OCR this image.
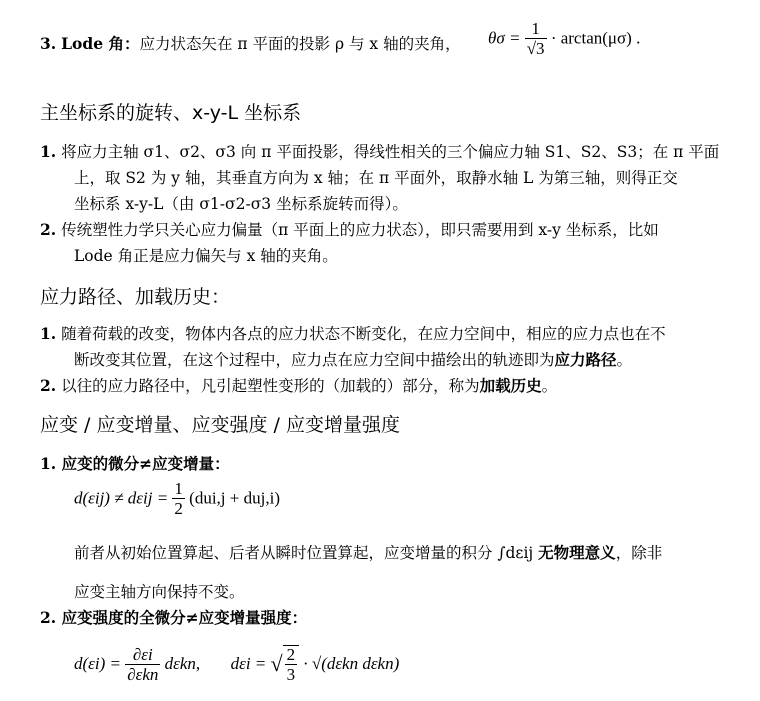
3. Lode 角：应力状态矢在 π 平面的投影 ρ 与 x 轴的夹角， $\theta\sigma = \frac{1}{√3} \cdot \arctan(\mu\sigma)$ .
主坐标系的旋转、x-y-L 坐标系
1. 将应力主轴 σ1、σ2、σ3 向 π 平面投影，得线性相关的三个偏应力轴 S1、S2、S3；在 π 平面
上，取 S2 为 y 轴，其垂直方向为 x 轴；在 π 平面外，取静水轴 L 为第三轴，则得正交
坐标系 x-y-L（由 σ1-σ2-σ3 坐标系旋转而得）。
2. 传统塑性力学只关心应力偏量（π 平面上的应力状态），即只需要用到 x-y 坐标系，比如
Lode 角正是应力偏矢与 x 轴的夹角。
应力路径、加载历史：
1. 随着荷载的改变，物体内各点的应力状态不断变化，在应力空间中，相应的应力点也在不
断改变其位置，在这个过程中，应力点在应力空间中描绘出的轨迹即为应力路径。
2. 以往的应力路径中，凡引起塑性变形的（加载的）部分，称为加载历史。
应变 / 应变增量、应变强度 / 应变增量强度
1. 应变的微分≠应变增量：
$d(\varepsilon ij) \ne d\varepsilon ij = \frac{1}{2} (dui,j + duj,i)$
前者从初始位置算起、后者从瞬时位置算起，应变增量的积分 ∫dεij 无物理意义，除非
应变主轴方向保持不变。
2. 应变强度的全微分≠应变增量强度：
$d(\varepsilon i) = \frac{\partial\varepsilon i}{\text{∂εkn}} d\varepsilon kn$, dεi = √ $\frac{2}{3} \cdot √(d\varepsilon kn$ dεkn)
